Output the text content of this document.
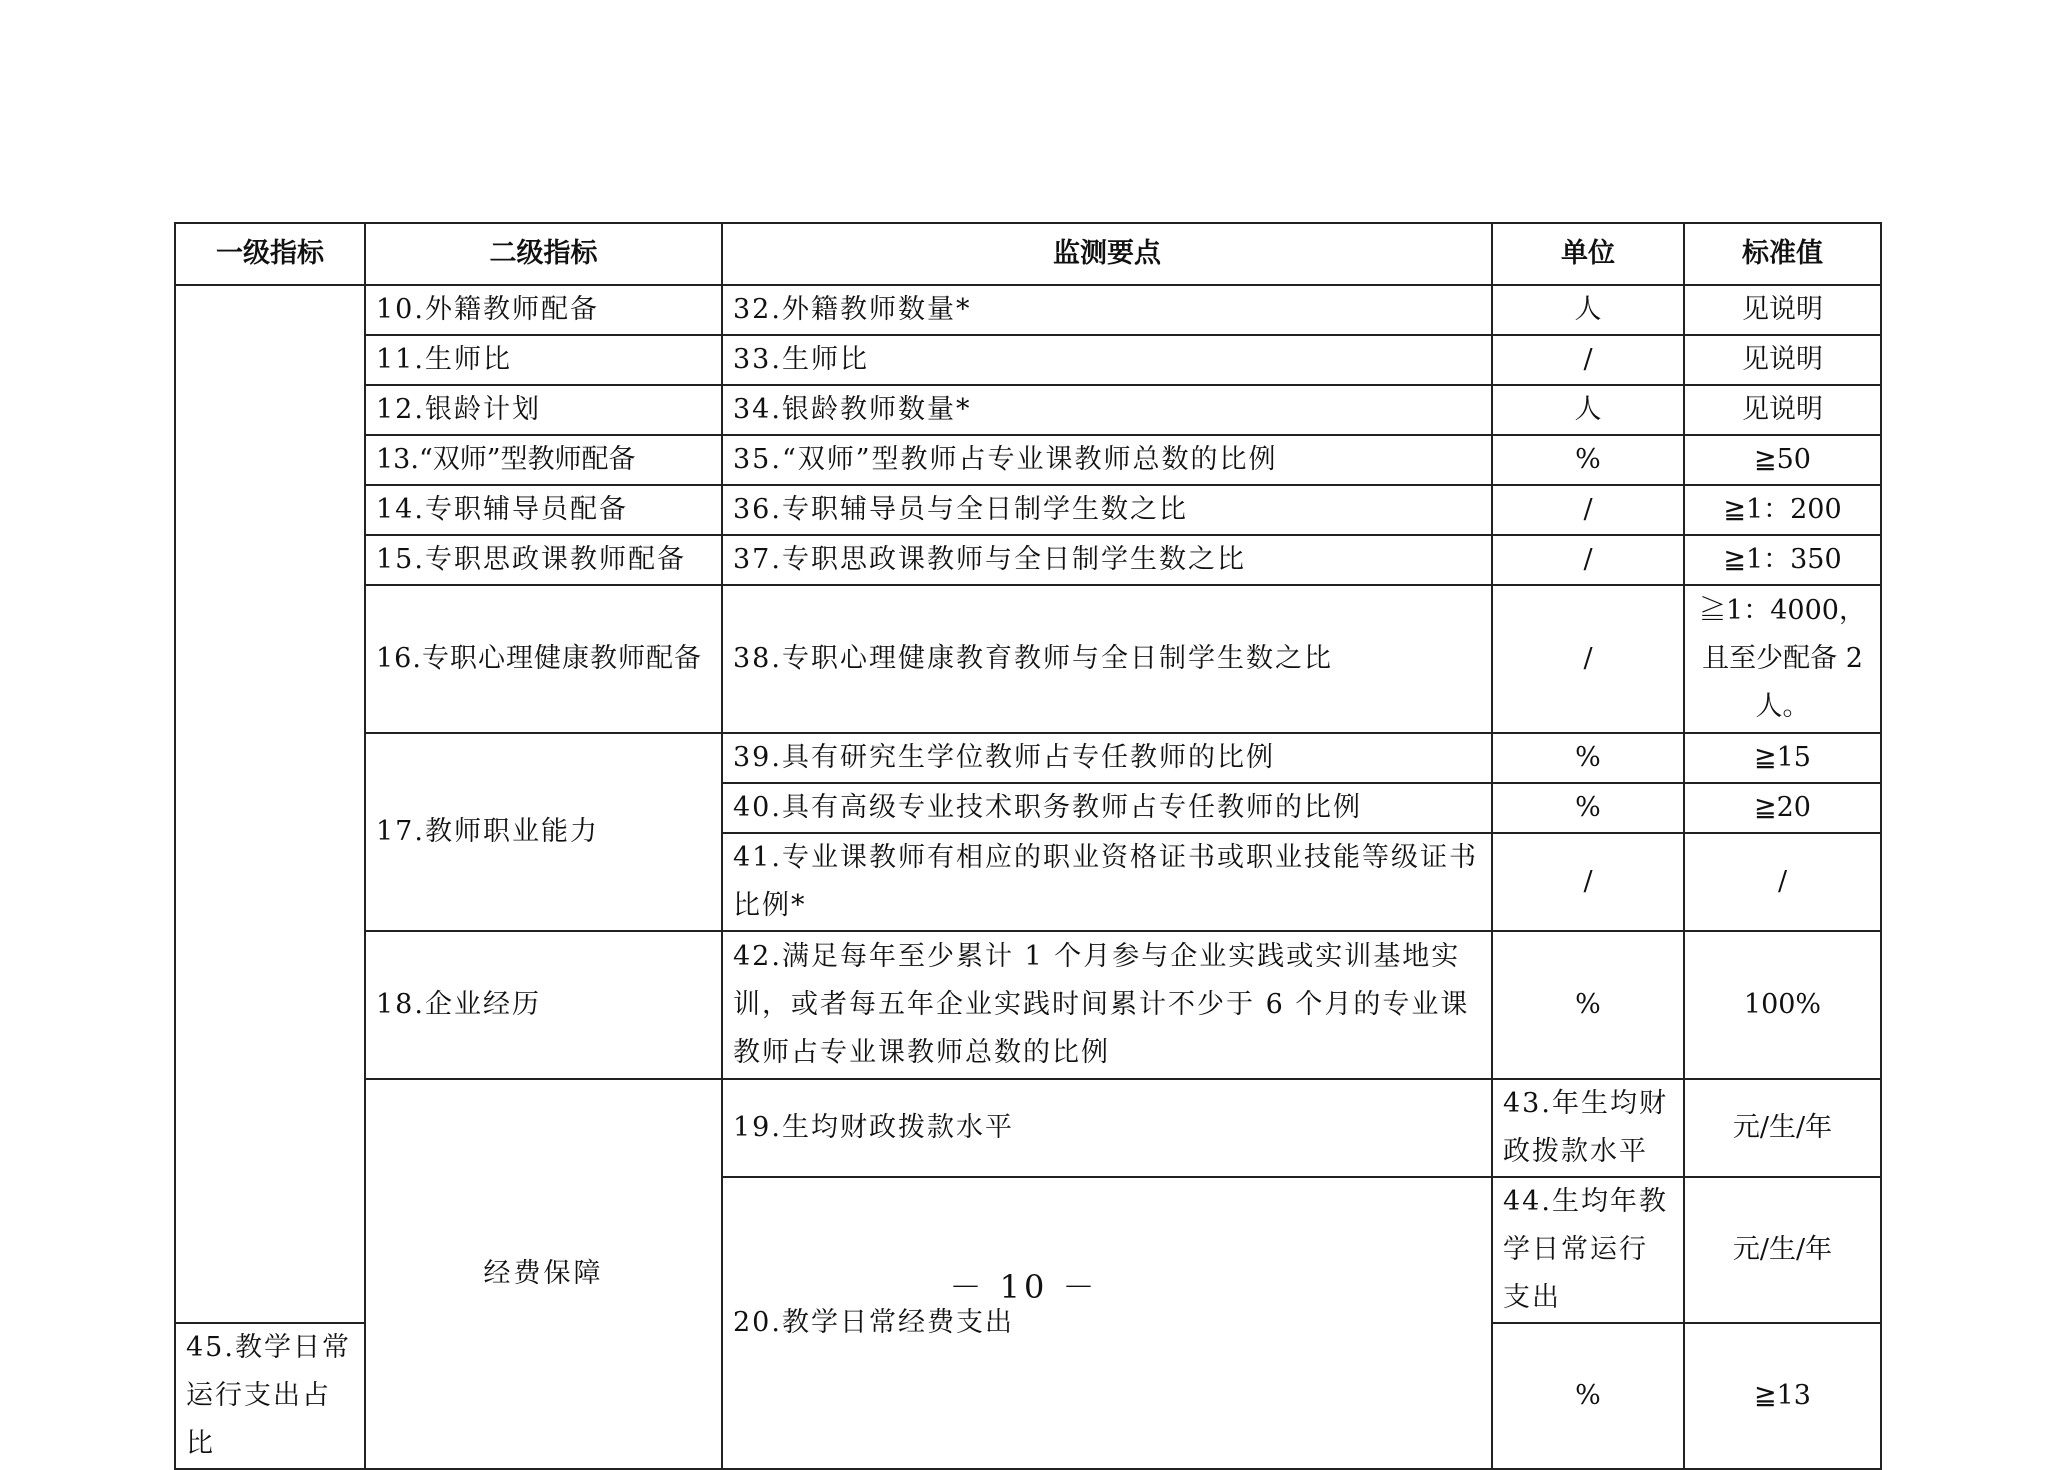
一级指标	二级指标	监测要点	单位	标准值	
	10.外籍教师配备	32.外籍教师数量*	人	见说明	
	11.生师比	33.生师比	/	见说明	
	12.银龄计划	34.银龄教师数量*	人	见说明	
	13.“双师”型教师配备	35.“双师”型教师占专业课教师总数的比例	%	≧50	
	14.专职辅导员配备	36.专职辅导员与全日制学生数之比	/	≧1：200	
	15.专职思政课教师配备	37.专职思政课教师与全日制学生数之比	/	≧1：350	
	16.专职心理健康教师配备	38.专职心理健康教育教师与全日制学生数之比	/	≧1：4000，且至少配备 2 人。	
	17.教师职业能力	39.具有研究生学位教师占专任教师的比例	%	≧15	
		40.具有高级专业技术职务教师占专任教师的比例	%	≧20	
		41.专业课教师有相应的职业资格证书或职业技能等级证书比例*	/	/	
	18.企业经历	42.满足每年至少累计 1 个月参与企业实践或实训基地实训，或者每五年企业实践时间累计不少于 6 个月的专业课教师占专业课教师总数的比例	%	100%	
	经费保障	19.生均财政拨款水平	43.年生均财政拨款水平	元/生/年	
		20.教学日常经费支出	44.生均年教学日常运行支出	元/生/年	
45.教学日常运行支出占比			%	≧13	
－ 10 －
